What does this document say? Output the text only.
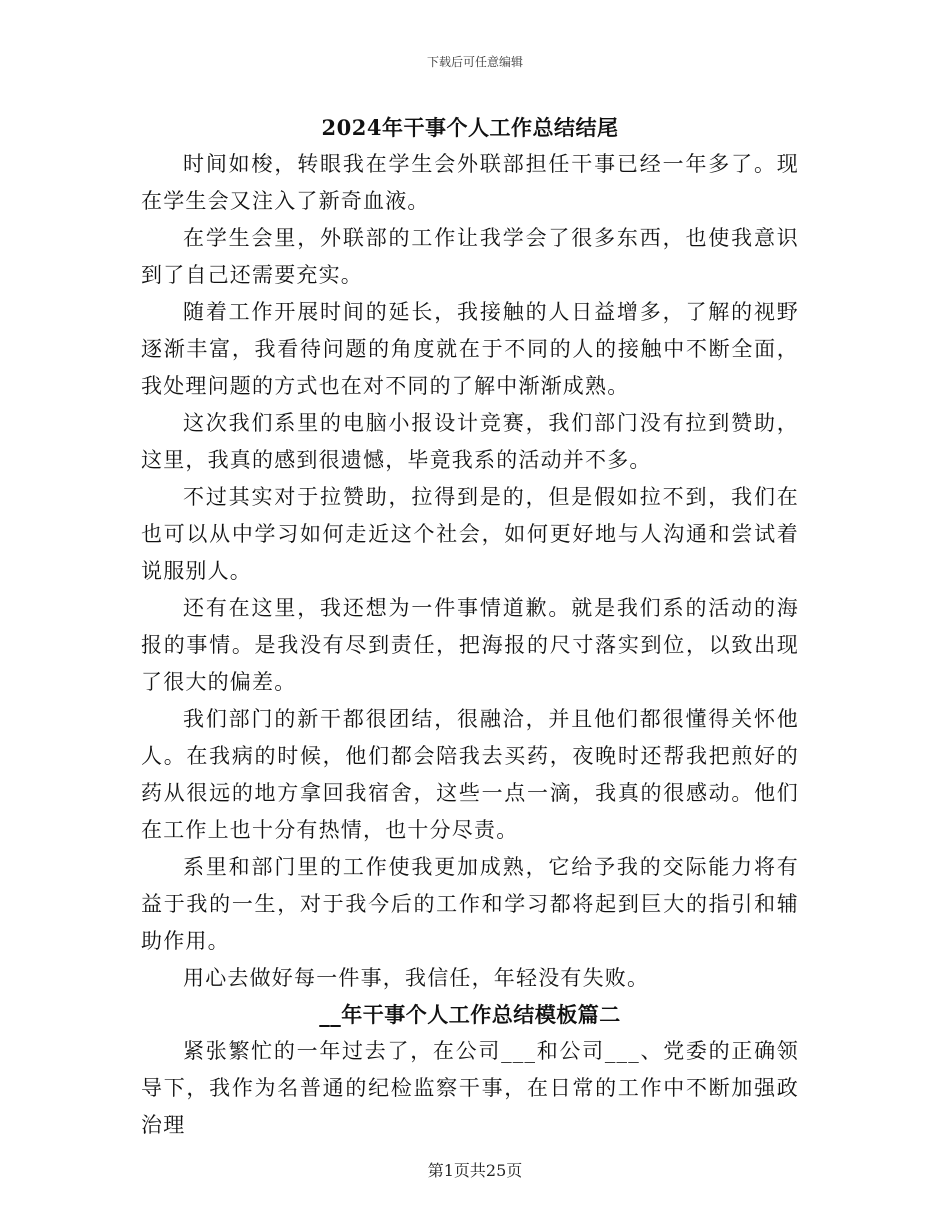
下载后可任意编辑

2024年干事个人工作总结结尾

时间如梭，转眼我在学生会外联部担任干事已经一年多了。现在学生会又注入了新奇血液。

在学生会里，外联部的工作让我学会了很多东西，也使我意识到了自己还需要充实。

随着工作开展时间的延长，我接触的人日益增多，了解的视野逐渐丰富，我看待问题的角度就在于不同的人的接触中不断全面，我处理问题的方式也在对不同的了解中渐渐成熟。

这次我们系里的电脑小报设计竞赛，我们部门没有拉到赞助，这里，我真的感到很遗憾，毕竟我系的活动并不多。

不过其实对于拉赞助，拉得到是的，但是假如拉不到，我们在也可以从中学习如何走近这个社会，如何更好地与人沟通和尝试着说服别人。

还有在这里，我还想为一件事情道歉。就是我们系的活动的海报的事情。是我没有尽到责任，把海报的尺寸落实到位，以致出现了很大的偏差。

我们部门的新干都很团结，很融洽，并且他们都很懂得关怀他人。在我病的时候，他们都会陪我去买药，夜晚时还帮我把煎好的药从很远的地方拿回我宿舍，这些一点一滴，我真的很感动。他们在工作上也十分有热情，也十分尽责。

系里和部门里的工作使我更加成熟，它给予我的交际能力将有益于我的一生，对于我今后的工作和学习都将起到巨大的指引和辅助作用。

用心去做好每一件事，我信任，年轻没有失败。

__年干事个人工作总结模板篇二

紧张繁忙的一年过去了，在公司___和公司___、党委的正确领导下，我作为名普通的纪检监察干事，在日常的工作中不断加强政治理

第1页共25页
